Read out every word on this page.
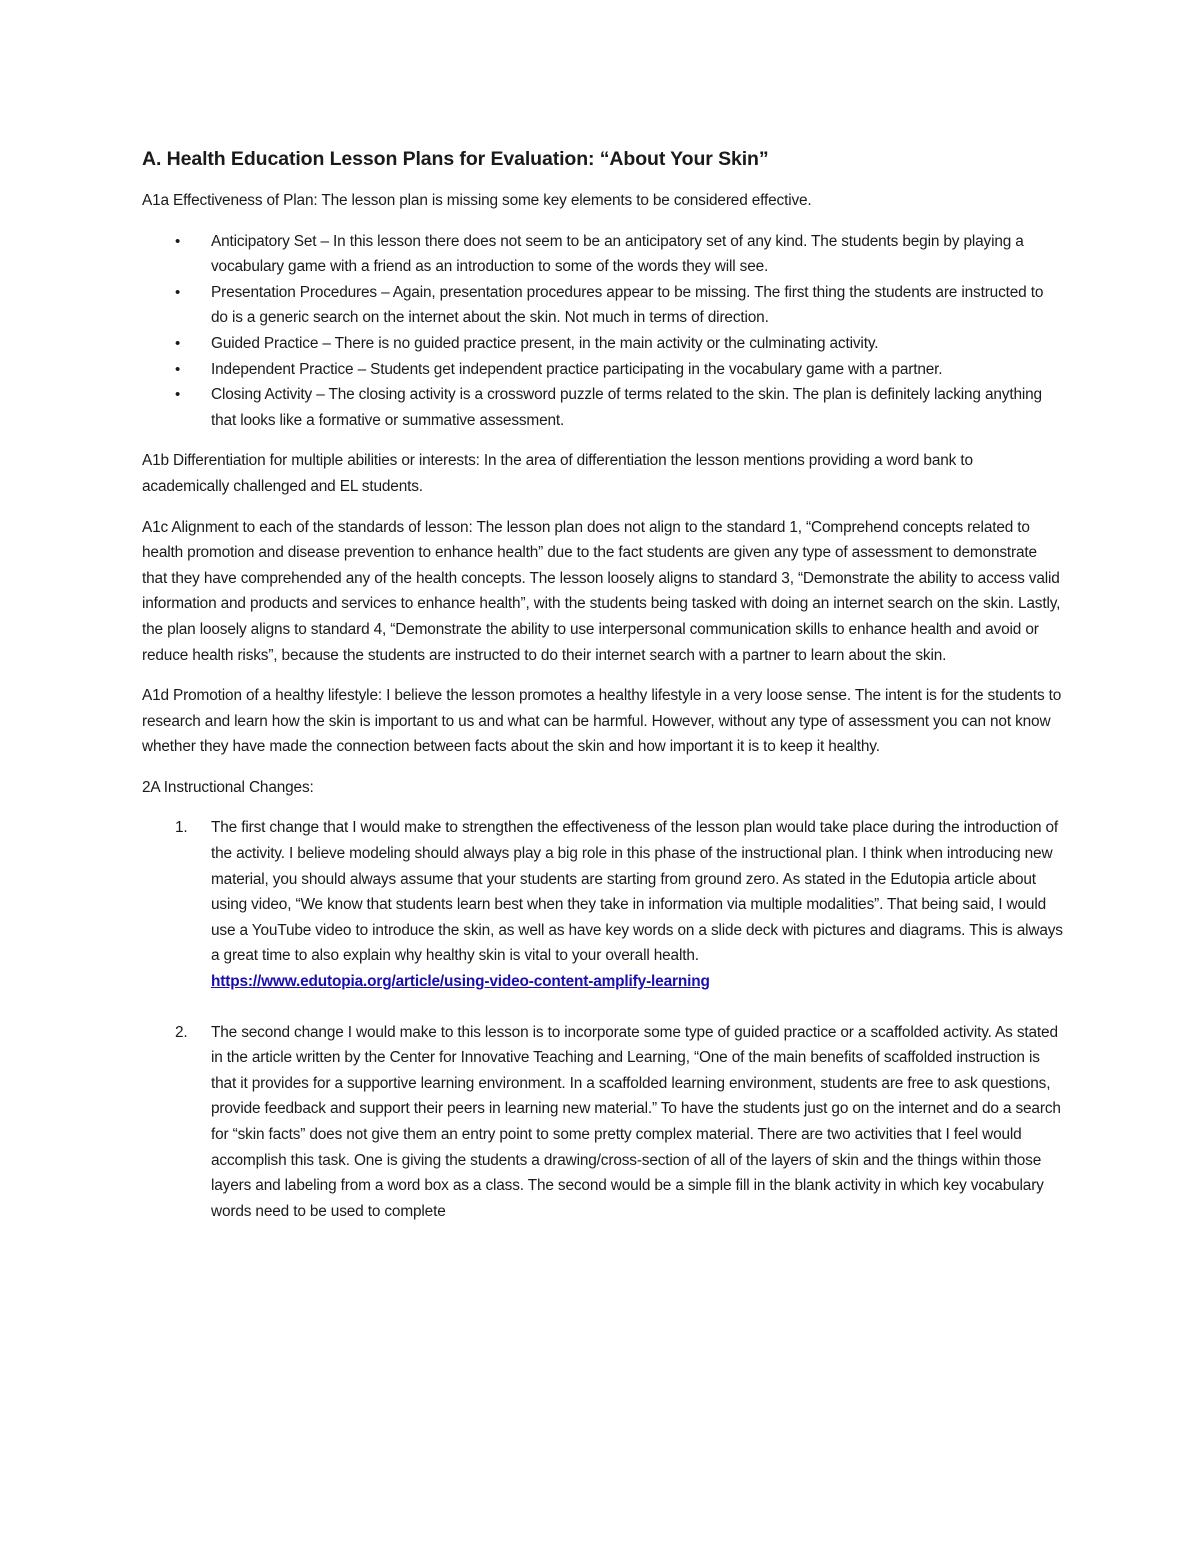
A. Health Education Lesson Plans for Evaluation: “About Your Skin”

A1a Effectiveness of Plan: The lesson plan is missing some key elements to be considered effective.

• Anticipatory Set – In this lesson there does not seem to be an anticipatory set of any kind. The students begin by playing a vocabulary game with a friend as an introduction to some of the words they will see.
• Presentation Procedures – Again, presentation procedures appear to be missing. The first thing the students are instructed to do is a generic search on the internet about the skin. Not much in terms of direction.
• Guided Practice – There is no guided practice present, in the main activity or the culminating activity.
• Independent Practice – Students get independent practice participating in the vocabulary game with a partner.
• Closing Activity – The closing activity is a crossword puzzle of terms related to the skin. The plan is definitely lacking anything that looks like a formative or summative assessment.

A1b Differentiation for multiple abilities or interests: In the area of differentiation the lesson mentions providing a word bank to academically challenged and EL students.

A1c Alignment to each of the standards of lesson: The lesson plan does not align to the standard 1, “Comprehend concepts related to health promotion and disease prevention to enhance health” due to the fact students are given any type of assessment to demonstrate that they have comprehended any of the health concepts. The lesson loosely aligns to standard 3, “Demonstrate the ability to access valid information and products and services to enhance health”, with the students being tasked with doing an internet search on the skin. Lastly, the plan loosely aligns to standard 4, “Demonstrate the ability to use interpersonal communication skills to enhance health and avoid or reduce health risks”, because the students are instructed to do their internet search with a partner to learn about the skin.

A1d Promotion of a healthy lifestyle: I believe the lesson promotes a healthy lifestyle in a very loose sense. The intent is for the students to research and learn how the skin is important to us and what can be harmful. However, without any type of assessment you can not know whether they have made the connection between facts about the skin and how important it is to keep it healthy.

2A Instructional Changes:

1. The first change that I would make to strengthen the effectiveness of the lesson plan would take place during the introduction of the activity. I believe modeling should always play a big role in this phase of the instructional plan. I think when introducing new material, you should always assume that your students are starting from ground zero. As stated in the Edutopia article about using video, “We know that students learn best when they take in information via multiple modalities”. That being said, I would use a YouTube video to introduce the skin, as well as have key words on a slide deck with pictures and diagrams. This is always a great time to also explain why healthy skin is vital to your overall health.
https://www.edutopia.org/article/using-video-content-amplify-learning
2. The second change I would make to this lesson is to incorporate some type of guided practice or a scaffolded activity. As stated in the article written by the Center for Innovative Teaching and Learning, “One of the main benefits of scaffolded instruction is that it provides for a supportive learning environment. In a scaffolded learning environment, students are free to ask questions, provide feedback and support their peers in learning new material.” To have the students just go on the internet and do a search for “skin facts” does not give them an entry point to some pretty complex material. There are two activities that I feel would accomplish this task. One is giving the students a drawing/cross-section of all of the layers of skin and the things within those layers and labeling from a word box as a class. The second would be a simple fill in the blank activity in which key vocabulary words need to be used to complete
